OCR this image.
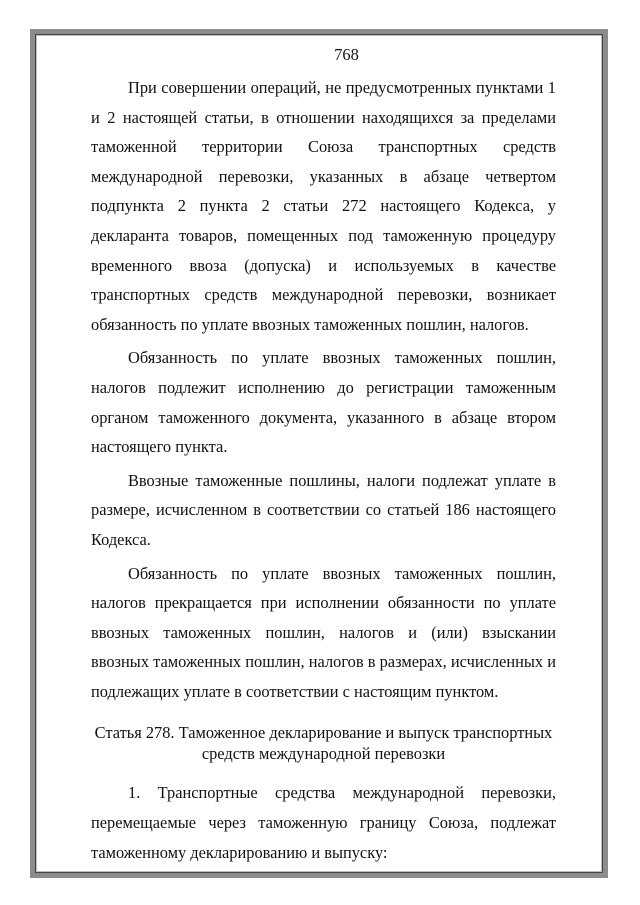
768

При совершении операций, не предусмотренных пунктами 1 и 2 настоящей статьи, в отношении находящихся за пределами таможенной территории Союза транспортных средств международной перевозки, указанных в абзаце четвертом подпункта 2 пункта 2 статьи 272 настоящего Кодекса, у декларанта товаров, помещенных под таможенную процедуру временного ввоза (допуска) и используемых в качестве транспортных средств международной перевозки, возникает обязанность по уплате ввозных таможенных пошлин, налогов.

Обязанность по уплате ввозных таможенных пошлин, налогов подлежит исполнению до регистрации таможенным органом таможенного документа, указанного в абзаце втором настоящего пункта.

Ввозные таможенные пошлины, налоги подлежат уплате в размере, исчисленном в соответствии со статьей 186 настоящего Кодекса.

Обязанность по уплате ввозных таможенных пошлин, налогов прекращается при исполнении обязанности по уплате ввозных таможенных пошлин, налогов и (или) взыскании ввозных таможенных пошлин, налогов в размерах, исчисленных и подлежащих уплате в соответствии с настоящим пунктом.

Статья 278. Таможенное декларирование и выпуск транспортных
средств международной перевозки

1. Транспортные средства международной перевозки, перемещаемые через таможенную границу Союза, подлежат таможенному декларированию и выпуску:
